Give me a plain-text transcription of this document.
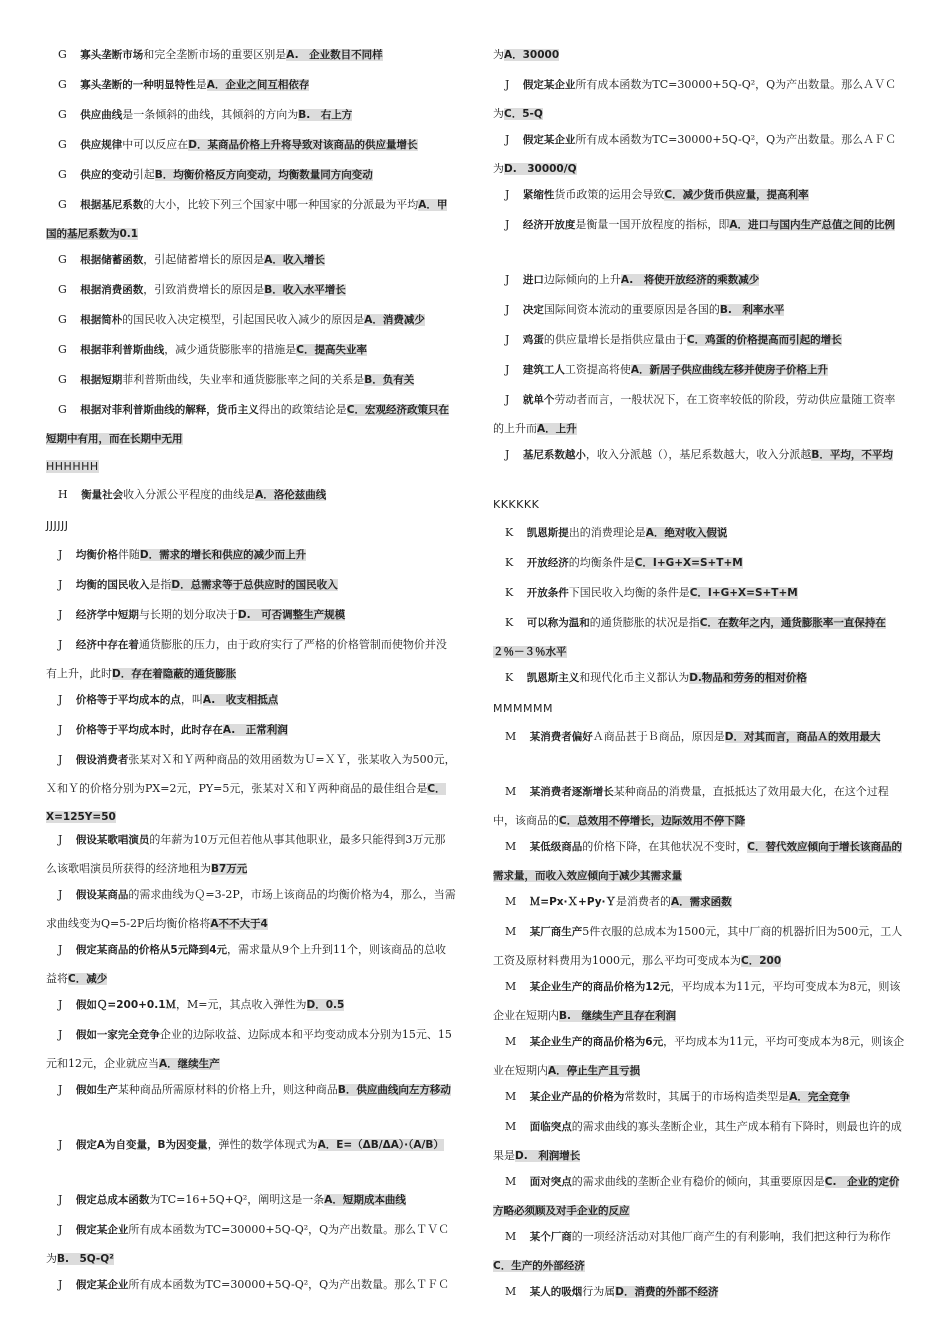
G 寡头垄断市场和完全垄断市场的重要区别是A.　企业数目不同样
G 寡头垄断的一种明显特性是A．企业之间互相依存
G 供应曲线是一条倾斜的曲线，其倾斜的方向为B.　右上方
G 供应规律中可以反应在D．某商品价格上升将导致对该商品的供应量增长
G 供应的变动引起B．均衡价格反方向变动，均衡数量同方向变动
G 根据基尼系数的大小，比较下列三个国家中哪一种国家的分派最为平均A．甲国的基尼系数为0.1
G 根据储蓄函数，引起储蓄增长的原因是A．收入增长
G 根据消费函数，引致消费增长的原因是B．收入水平增长
G 根据简朴的国民收入决定模型，引起国民收入减少的原因是A．消费减少
G 根据菲利普斯曲线，减少通货膨胀率的措施是C．提高失业率
G 根据短期菲利普斯曲线，失业率和通货膨胀率之间的关系是B．负有关
G 根据对菲利普斯曲线的解释，货币主义得出的政策结论是C．宏观经济政策只在短期中有用，而在长期中无用
HHHHHH
H 衡量社会收入分派公平程度的曲线是A．洛伦兹曲线
JJJJJJ
J 均衡价格伴随D．需求的增长和供应的减少而上升
J 均衡的国民收入是指D．总需求等于总供应时的国民收入
J 经济学中短期与长期的划分取决于D.　可否调整生产规模
J 经济中存在着通货膨胀的压力，由于政府实行了严格的价格管制而使物价并没有上升，此时D．存在着隐蔽的通货膨胀
J 价格等于平均成本的点，叫A.　收支相抵点
J 价格等于平均成本时，此时存在A.　正常利润
J 假设消费者张某对Ｘ和Ｙ两种商品的效用函数为Ｕ=ＸＹ，张某收入为500元，Ｘ和Ｙ的价格分别为PX=2元，PY=5元，张某对Ｘ和Ｙ两种商品的最佳组合是C．X=125Y=50
J 假设某歌唱演员的年薪为10万元但若他从事其他职业，最多只能得到3万元那么该歌唱演员所获得的经济地租为B7万元
J 假设某商品的需求曲线为Ｑ=3-2P，市场上该商品的均衡价格为4，那么，当需求曲线变为Q=5-2P后均衡价格将A不不大于4
J 假定某商品的价格从5元降到4元，需求量从9个上升到11个，则该商品的总收益将C．减少
J 假如Ｑ=200+0.1Ｍ，M=元，其点收入弹性为D．0.5
J 假如一家完全竞争企业的边际收益、边际成本和平均变动成本分别为15元、15元和12元，企业就应当A．继续生产
J 假如生产某种商品所需原材料的价格上升，则这种商品B．供应曲线向左方移动
J 假定A为自变量，B为因变量，弹性的数学体现式为A．E=（ΔB/ΔA）·（A/B）
J 假定总成本函数为TC=16+5Q+Q²，阐明这是一条A．短期成本曲线
J 假定某企业所有成本函数为TC=30000+5Q-Q²，Q为产出数量。那么ＴＶＣ为B.　5Q-Q²
J 假定某企业所有成本函数为TC=30000+5Q-Q²，Q为产出数量。那么ＴＦＣ
为A．30000
J 假定某企业所有成本函数为TC=30000+5Q-Q²，Q为产出数量。那么ＡＶＣ为C．5-Q
J 假定某企业所有成本函数为TC=30000+5Q-Q²，Q为产出数量。那么ＡＦＣ为D.　30000/Q
J 紧缩性货币政策的运用会导致C．减少货币供应量，提高利率
J 经济开放度是衡量一国开放程度的指标，即A．进口与国内生产总值之间的比例
J 进口边际倾向的上升A.　将使开放经济的乘数减少
J 决定国际间资本流动的重要原因是各国的B.　利率水平
J 鸡蛋的供应量增长是指供应量由于C．鸡蛋的价格提高而引起的增长
J 建筑工人工资提高将使A．新居子供应曲线左移并使房子价格上升
J 就单个劳动者而言，一般状况下，在工资率较低的阶段，劳动供应量随工资率的上升而A．上升
J 基尼系数越小，收入分派越（），基尼系数越大，收入分派越B．平均，不平均
KKKKKK
K 凯恩斯提出的消费理论是A．绝对收入假说
K 开放经济的均衡条件是C．I+G+X=S+T+M
K 开放条件下国民收入均衡的条件是C．I+G+X=S+T+M
K 可以称为温和的通货膨胀的状况是指C．在数年之内，通货膨胀率一直保持在２％－３％水平
K 凯恩斯主义和现代化币主义都认为D.物品和劳务的相对价格
MMMMMM
M 某消费者偏好Ａ商品甚于Ｂ商品，原因是D．对其而言，商品Ａ的效用最大
M 某消费者逐渐增长某种商品的消费量，直抵抵达了效用最大化，在这个过程中，该商品的C．总效用不停增长，边际效用不停下降
M 某低级商品的价格下降，在其他状况不变时，C．替代效应倾向于增长该商品的需求量，而收入效应倾向于减少其需求量
M Ｍ=Px·Ｘ+Py·Ｙ是消费者的A．需求函数
M 某厂商生产5件衣服的总成本为1500元，其中厂商的机器折旧为500元，工人工资及原材料费用为1000元，那么平均可变成本为C．200
M 某企业生产的商品价格为12元，平均成本为11元，平均可变成本为8元，则该企业在短期内B.　继续生产且存在利润
M 某企业生产的商品价格为6元，平均成本为11元，平均可变成本为8元，则该企业在短期内A．停止生产且亏损
M 某企业产品的价格为常数时，其属于的市场构造类型是A．完全竞争
M 面临突点的需求曲线的寡头垄断企业，其生产成本稍有下降时，则最也许的成果是D.　利润增长
M 面对突点的需求曲线的垄断企业有稳价的倾向，其重要原因是C.　企业的定价方略必须顾及对手企业的反应
M 某个厂商的一项经济活动对其他厂商产生的有利影响，我们把这种行为称作C．生产的外部经济
M 某人的吸烟行为属D．消费的外部不经济
